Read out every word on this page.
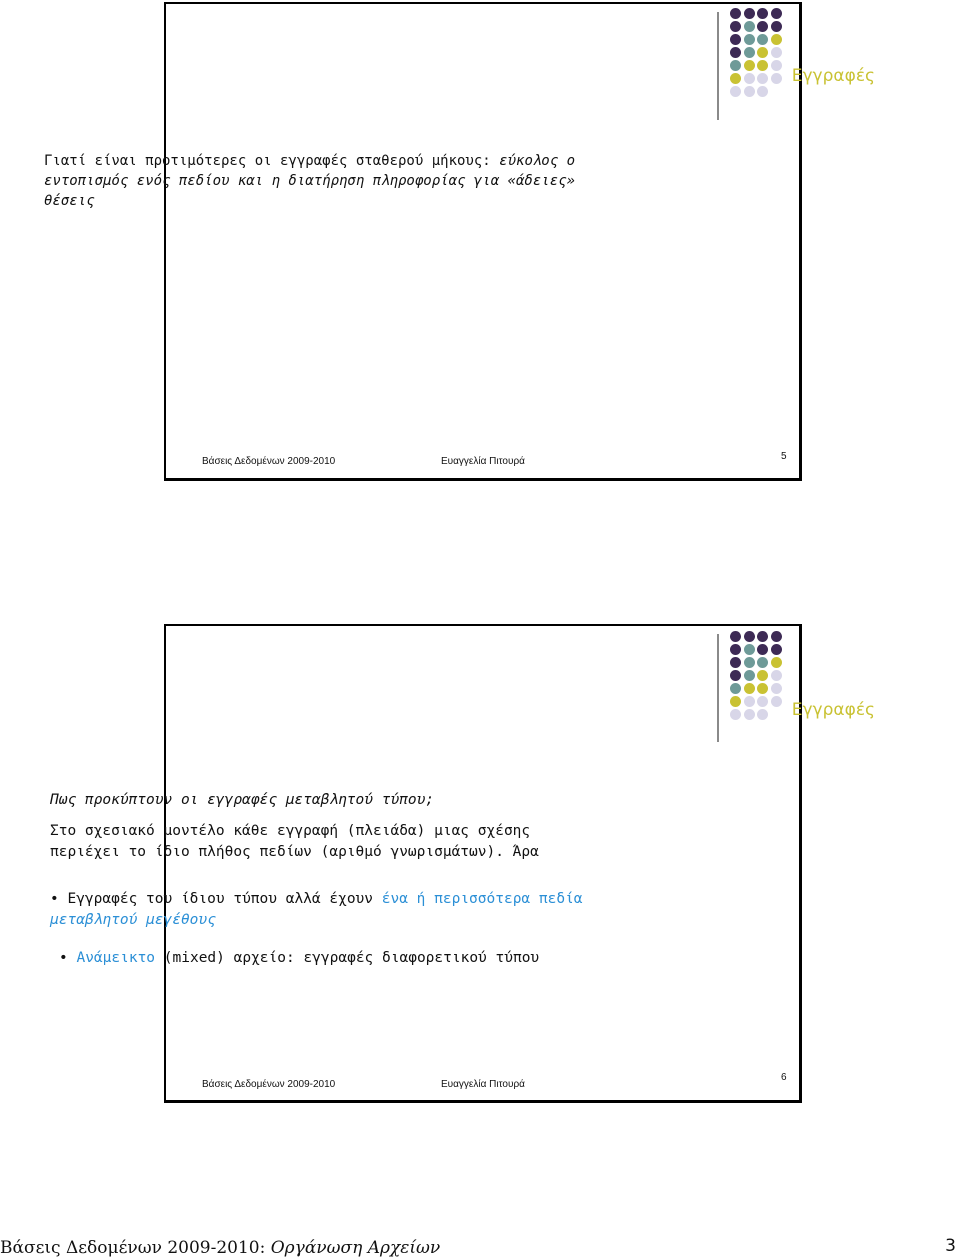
Εγγραφές
Γιατί είναι προτιμότερες οι εγγραφές σταθερού μήκους: εύκολος ο
εντοπισμός ενός πεδίου και η διατήρηση πληροφορίας για «άδειες» θέσεις
Βάσεις Δεδομένων 2009-2010	Ευαγγελία Πιτουρά	5
Εγγραφές
Πως προκύπτουν οι εγγραφές μεταβλητού τύπου;
Στο σχεσιακό μοντέλο κάθε εγγραφή (πλειάδα) μιας σχέσης
περιέχει το ίδιο πλήθος πεδίων (αριθμό γνωρισμάτων). Άρα
• Εγγραφές του ίδιου τύπου αλλά έχουν ένα ή περισσότερα πεδία
μεταβλητού μεγέθους
• Ανάμεικτο (mixed) αρχείο: εγγραφές διαφορετικού τύπου
Βάσεις Δεδομένων 2009-2010	Ευαγγελία Πιτουρά
6
Βάσεις Δεδομένων 2009-2010: Οργάνωση Αρχείων	3
